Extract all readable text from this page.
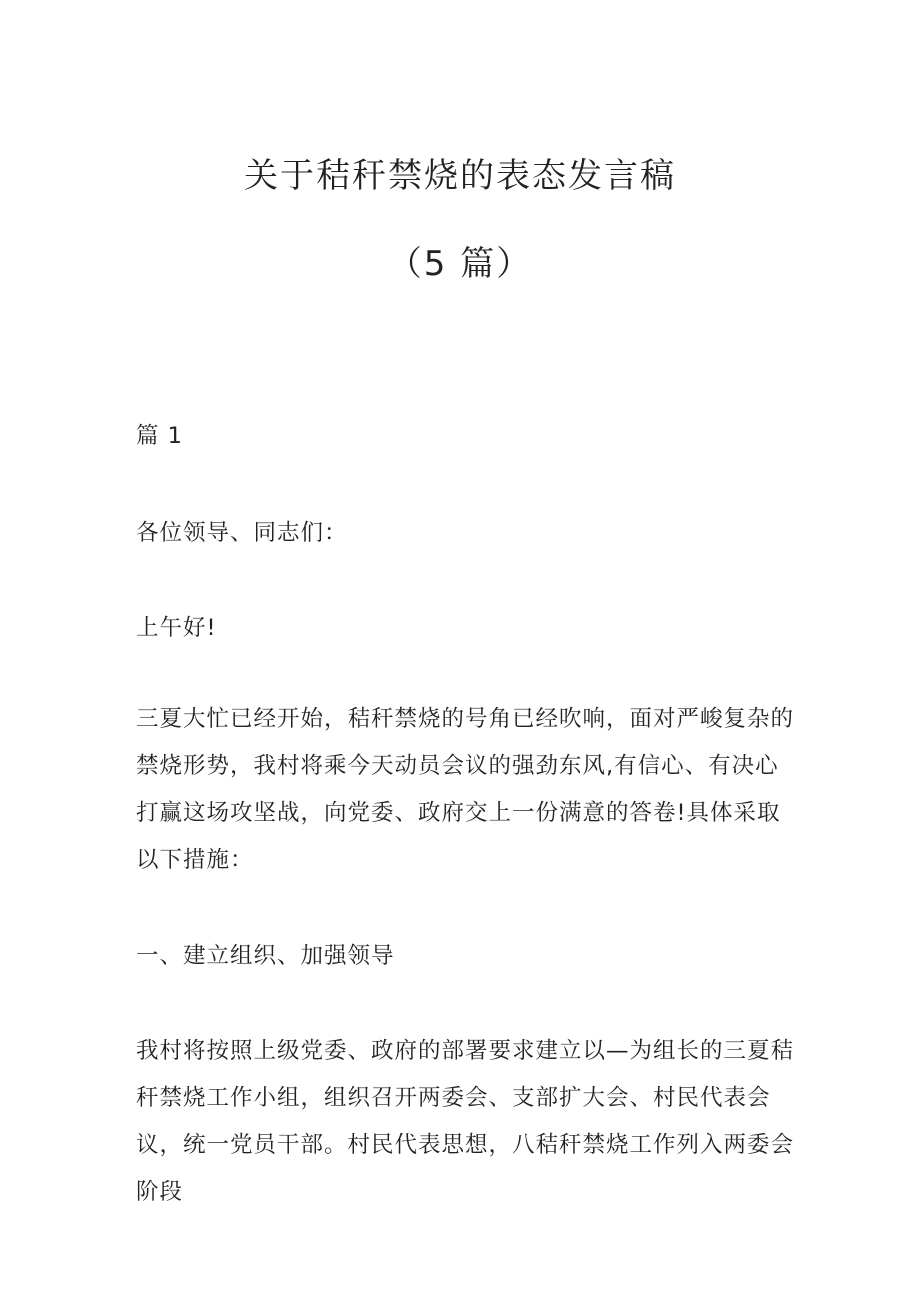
关于秸秆禁烧的表态发言稿
（5 篇）

篇 1

各位领导、同志们：

上午好!

三夏大忙已经开始，秸秆禁烧的号角已经吹响，面对严峻复杂的禁烧形势，我村将乘今天动员会议的强劲东风,有信心、有决心打赢这场攻坚战，向党委、政府交上一份满意的答卷!具体采取以下措施：

一、建立组织、加强领导

我村将按照上级党委、政府的部署要求建立以—为组长的三夏秸秆禁烧工作小组，组织召开两委会、支部扩大会、村民代表会议，统一党员干部。村民代表思想，八秸秆禁烧工作列入两委会阶段
